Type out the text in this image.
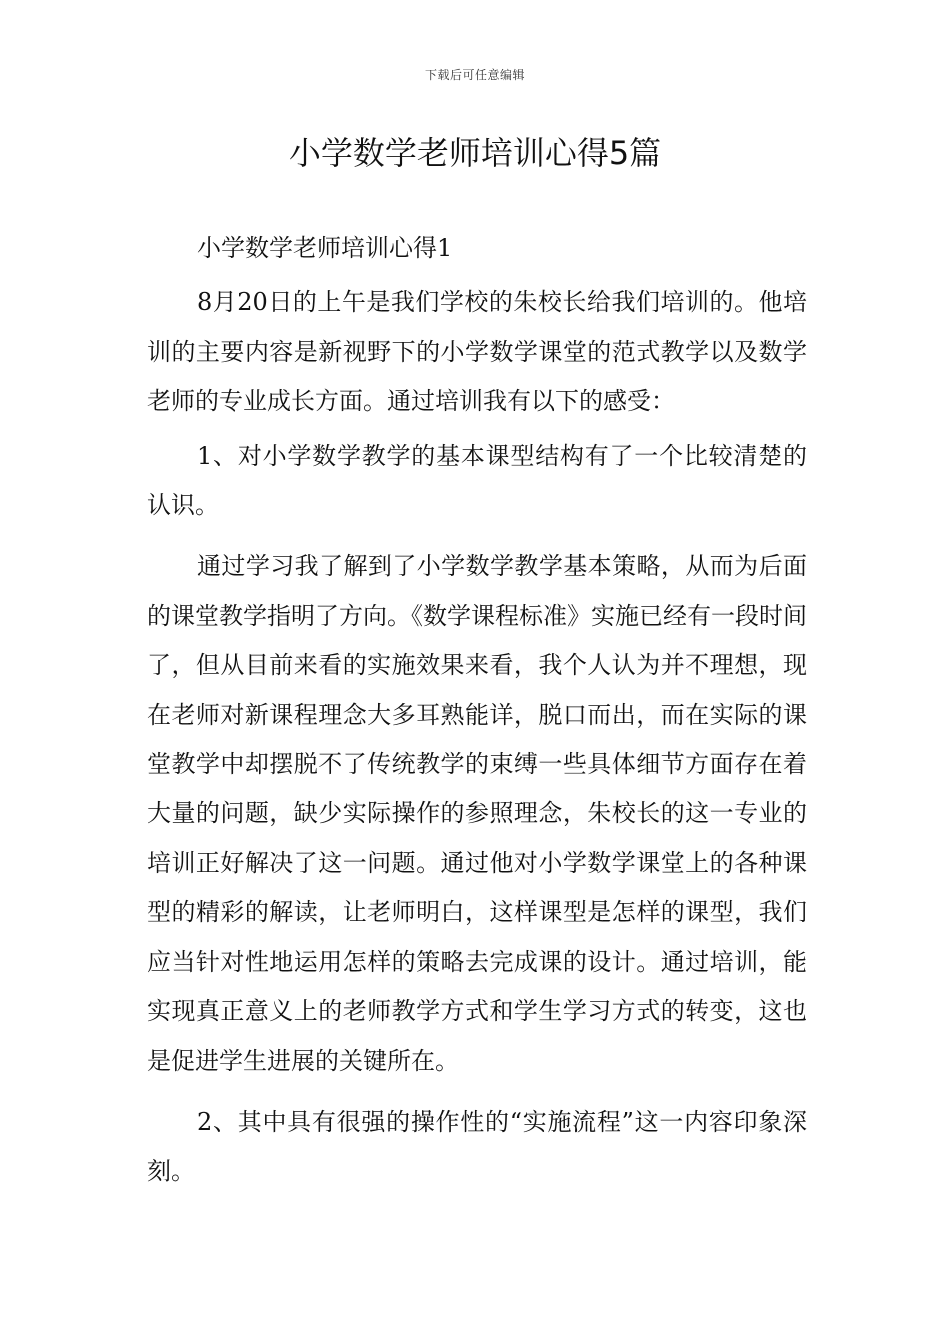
下载后可任意编辑
小学数学老师培训心得5篇

小学数学老师培训心得1

8月20日的上午是我们学校的朱校长给我们培训的。他培训的主要内容是新视野下的小学数学课堂的范式教学以及数学老师的专业成长方面。通过培训我有以下的感受：

1、对小学数学教学的基本课型结构有了一个比较清楚的认识。

通过学习我了解到了小学数学教学基本策略，从而为后面的课堂教学指明了方向。《数学课程标准》实施已经有一段时间了，但从目前来看的实施效果来看，我个人认为并不理想，现在老师对新课程理念大多耳熟能详，脱口而出，而在实际的课堂教学中却摆脱不了传统教学的束缚一些具体细节方面存在着大量的问题，缺少实际操作的参照理念，朱校长的这一专业的培训正好解决了这一问题。通过他对小学数学课堂上的各种课型的精彩的解读，让老师明白，这样课型是怎样的课型，我们应当针对性地运用怎样的策略去完成课的设计。通过培训，能实现真正意义上的老师教学方式和学生学习方式的转变，这也是促进学生进展的关键所在。

2、其中具有很强的操作性的“实施流程”这一内容印象深刻。
